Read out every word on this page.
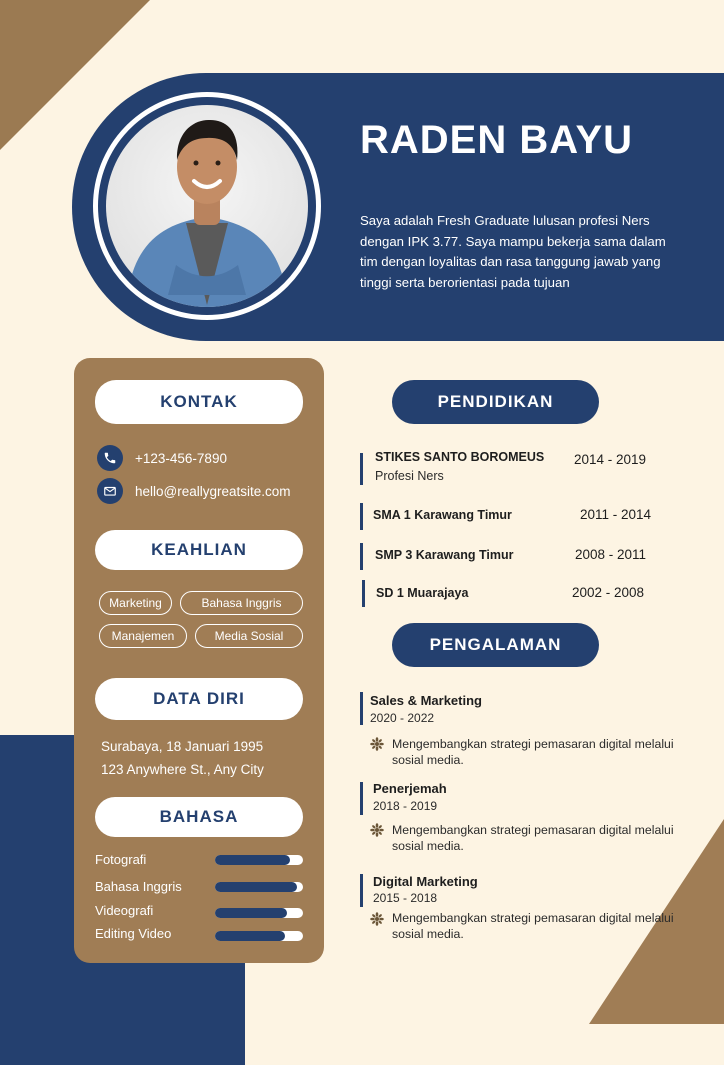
RADEN BAYU

Saya adalah Fresh Graduate lulusan profesi Ners dengan IPK 3.77. Saya mampu bekerja sama dalam tim dengan loyalitas dan rasa tanggung jawab yang tinggi serta berorientasi pada tujuan

KONTAK
+123-456-7890
hello@reallygreatsite.com
KEAHLIAN
Marketing	Bahasa Inggris
Manajemen	Media Sosial
DATA DIRI
Surabaya, 18 Januari 1995
123 Anywhere St., Any City
BAHASA
Fotografi
Bahasa Inggris
Videografi
Editing Video
PENDIDIKAN
STIKES SANTO BOROMEUS
Profesi Ners
2014 - 2019
SMA 1 Karawang Timur	2011 - 2014
SMP 3 Karawang Timur	2008 - 2011
SD 1 Muarajaya	2002 - 2008
PENGALAMAN
Sales & Marketing
2020 - 2022
Mengembangkan strategi pemasaran digital melalui sosial media.
Penerjemah
2018 - 2019
Mengembangkan strategi pemasaran digital melalui sosial media.
Digital Marketing
2015 - 2018
Mengembangkan strategi pemasaran digital melalui sosial media.
